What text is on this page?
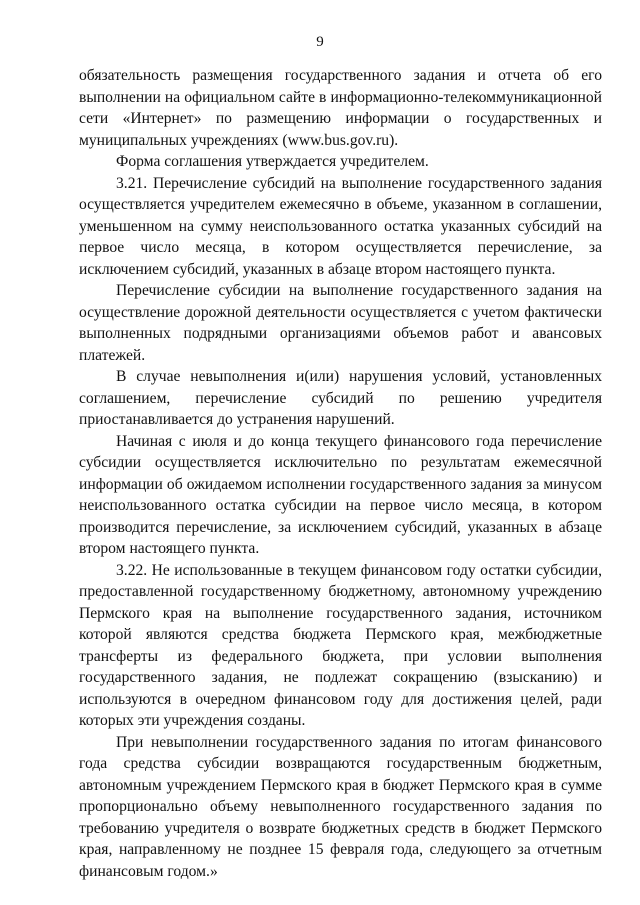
9

обязательность размещения государственного задания и отчета об его выполнении на официальном сайте в информационно-телекоммуникационной сети «Интернет» по размещению информации о государственных и муниципальных учреждениях (www.bus.gov.ru).

Форма соглашения утверждается учредителем.

3.21. Перечисление субсидий на выполнение государственного задания осуществляется учредителем ежемесячно в объеме, указанном в соглашении, уменьшенном на сумму неиспользованного остатка указанных субсидий на первое число месяца, в котором осуществляется перечисление, за исключением субсидий, указанных в абзаце втором настоящего пункта.

Перечисление субсидии на выполнение государственного задания на осуществление дорожной деятельности осуществляется с учетом фактически выполненных подрядными организациями объемов работ и авансовых платежей.

В случае невыполнения и(или) нарушения условий, установленных соглашением, перечисление субсидий по решению учредителя приостанавливается до устранения нарушений.

Начиная с июля и до конца текущего финансового года перечисление субсидии осуществляется исключительно по результатам ежемесячной информации об ожидаемом исполнении государственного задания за минусом неиспользованного остатка субсидии на первое число месяца, в котором производится перечисление, за исключением субсидий, указанных в абзаце втором настоящего пункта.

3.22. Не использованные в текущем финансовом году остатки субсидии, предоставленной государственному бюджетному, автономному учреждению Пермского края на выполнение государственного задания, источником которой являются средства бюджета Пермского края, межбюджетные трансферты из федерального бюджета, при условии выполнения государственного задания, не подлежат сокращению (взысканию) и используются в очередном финансовом году для достижения целей, ради которых эти учреждения созданы.

При невыполнении государственного задания по итогам финансового года средства субсидии возвращаются государственным бюджетным, автономным учреждением Пермского края в бюджет Пермского края в сумме пропорционально объему невыполненного государственного задания по требованию учредителя о возврате бюджетных средств в бюджет Пермского края, направленному не позднее 15 февраля года, следующего за отчетным финансовым годом.»
